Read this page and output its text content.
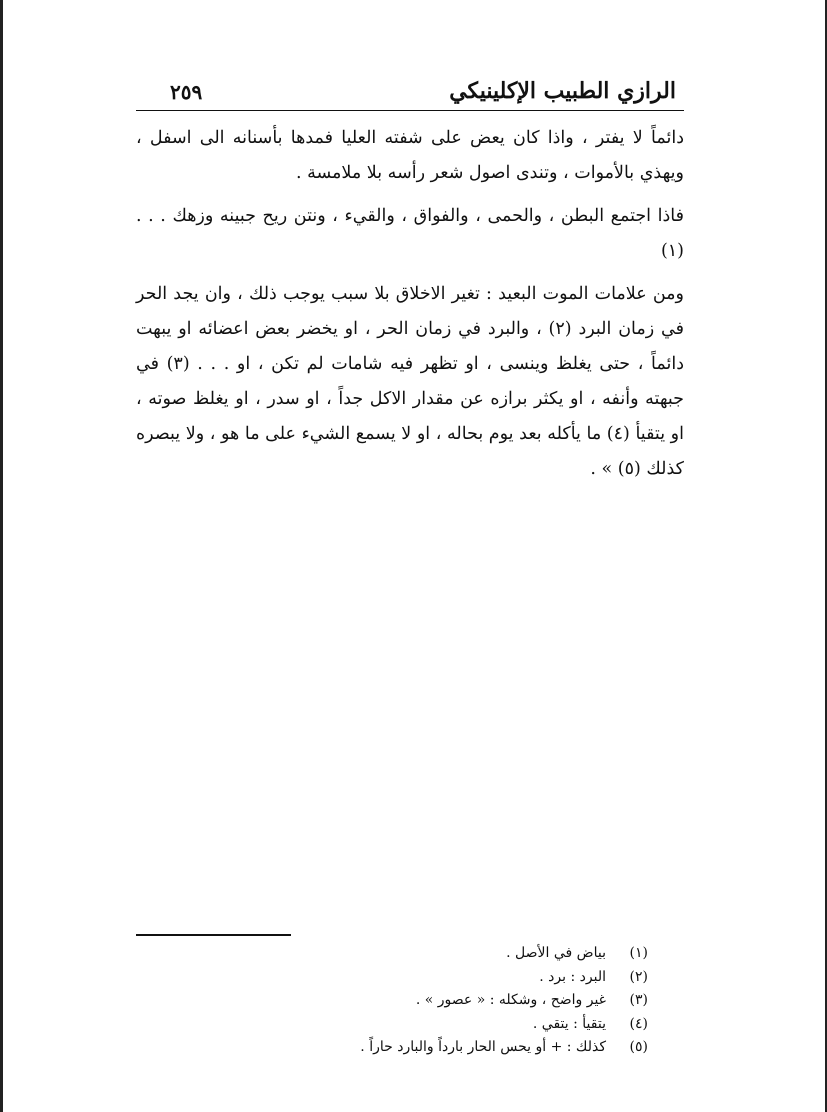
الرازي الطبيب الإكلينيكي
٢٥٩

دائماً لا يفتر ، واذا كان يعض على شفته العليا فمدها بأسنانه الى اسفل ، ويهذي بالأموات ، وتندى اصول شعر رأسه بلا ملامسة .

فاذا اجتمع البطن ، والحمى ، والفواق ، والقيء ، ونتن ريح جبينه وزهك . . . (١)

ومن علامات الموت البعيد : تغير الاخلاق بلا سبب يوجب ذلك ، وان يجد الحر في زمان البرد (٢) ، والبرد في زمان الحر ، او يخضر بعض اعضائه او يبهت دائماً ، حتى يغلظ وينسى ، او تظهر فيه شامات لم تكن ، او . . . (٣) في جبهته وأنفه ، او يكثر برازه عن مقدار الاكل جداً ، او سدر ، او يغلظ صوته ، او يتقيأ (٤) ما يأكله بعد يوم بحاله ، او لا يسمع الشيء على ما هو ، ولا يبصره كذلك (٥) » .

(١)
بياض في الأصل .
(٢)
البرد : برد .
(٣)
غير واضح ، وشكله : « عصور » .
(٤)
يتقيأ : يتقي .
(٥)
كذلك : + أو يحس الحار بارداً والبارد حاراً .
